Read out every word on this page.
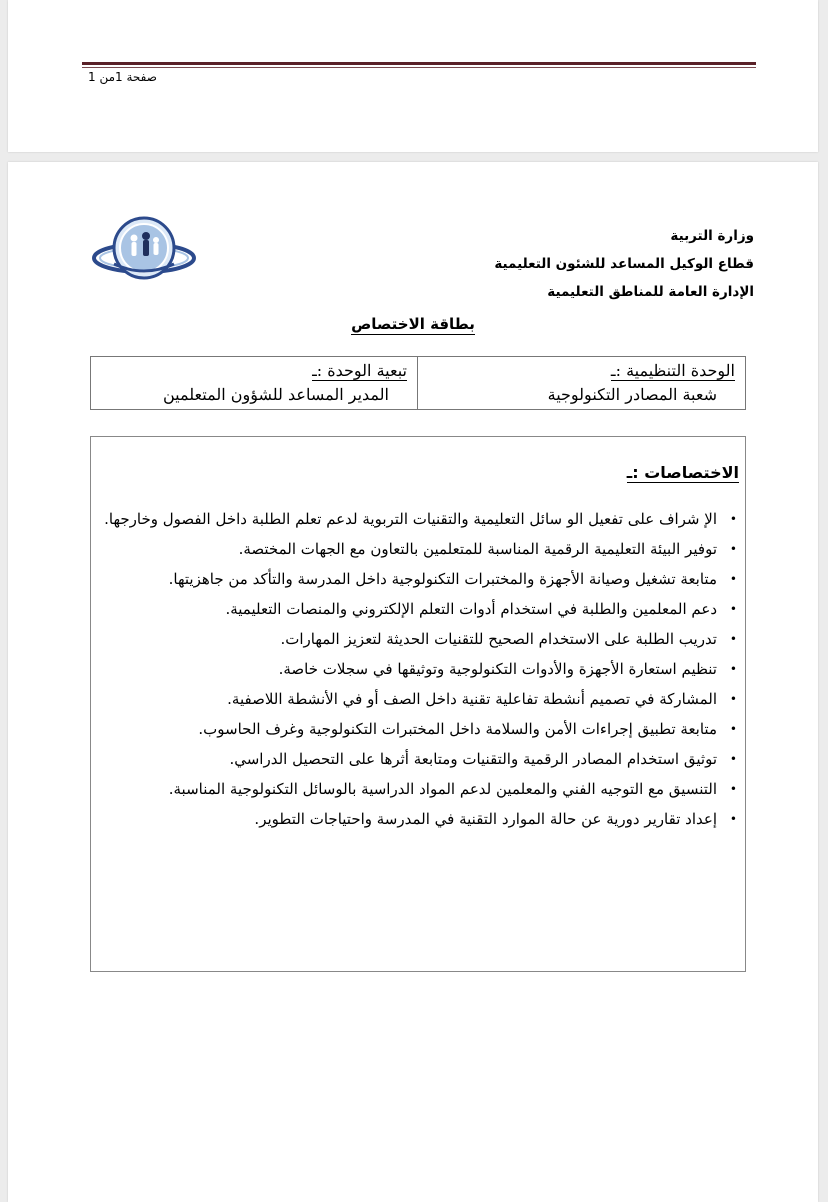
صفحة 1من 1
وزارة التربية
قطاع الوكيل المساعد للشئون التعليمية
الإدارة العامة للمناطق التعليمية
بطاقة الاختصاص
الوحدة التنظيمية :ـ
شعبة المصادر التكنولوجية
تبعية الوحدة :ـ
المدير المساعد للشؤون المتعلمين
الاختصاصات :ـ
•
الإ شراف على تفعيل الو سائل التعليمية والتقنيات التربوية لدعم تعلم الطلبة داخل الفصول وخارجها.
•
توفير البيئة التعليمية الرقمية المناسبة للمتعلمين بالتعاون مع الجهات المختصة.
•
متابعة تشغيل وصيانة الأجهزة والمختبرات التكنولوجية داخل المدرسة والتأكد من جاهزيتها.
•
دعم المعلمين والطلبة في استخدام أدوات التعلم الإلكتروني والمنصات التعليمية.
•
تدريب الطلبة على الاستخدام الصحيح للتقنيات الحديثة لتعزيز المهارات.
•
تنظيم استعارة الأجهزة والأدوات التكنولوجية وتوثيقها في سجلات خاصة.
•
المشاركة في تصميم أنشطة تفاعلية تقنية داخل الصف أو في الأنشطة اللاصفية.
•
متابعة تطبيق إجراءات الأمن والسلامة داخل المختبرات التكنولوجية وغرف الحاسوب.
•
توثيق استخدام المصادر الرقمية والتقنيات ومتابعة أثرها على التحصيل الدراسي.
•
التنسيق مع التوجيه الفني والمعلمين لدعم المواد الدراسية بالوسائل التكنولوجية المناسبة.
•
إعداد تقارير دورية عن حالة الموارد التقنية في المدرسة واحتياجات التطوير.
